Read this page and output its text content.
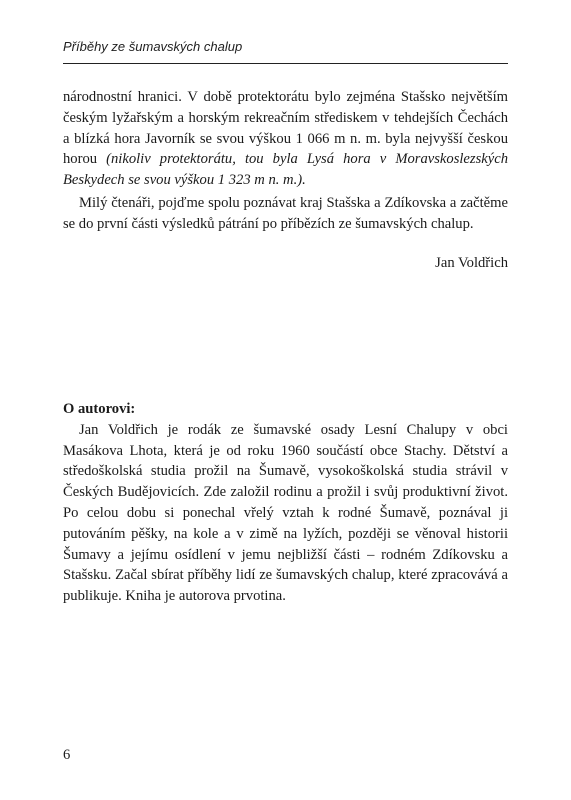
Příběhy ze šumavských chalup
národnostní hranici. V době protektorátu bylo zejména Stašsko největším českým lyžařským a horským rekreačním střediskem v tehdejších Čechách a blízká hora Javorník se svou výškou 1 066 m n. m. byla nejvyšší českou horou (nikoliv protektorátu, tou byla Lysá hora v Moravskoslezských Beskydech se svou výškou 1 323 m n. m.).
Milý čtenáři, pojďme spolu poznávat kraj Stašska a Zdíkovska a začtěme se do první části výsledků pátrání po příbězích ze šumavských chalup.
Jan Voldřich
O autorovi:
Jan Voldřich je rodák ze šumavské osady Lesní Chalupy v obci Masákova Lhota, která je od roku 1960 součástí obce Stachy. Dětství a středoškolská studia prožil na Šumavě, vysokoškolská studia strávil v Českých Budějovicích. Zde založil rodinu a prožil i svůj produktivní život. Po celou dobu si ponechal vřelý vztah k rodné Šumavě, poznával ji putováním pěšky, na kole a v zimě na lyžích, později se věnoval historii Šumavy a jejímu osídlení v jemu nejbližší části – rodném Zdíkovsku a Stašsku. Začal sbírat příběhy lidí ze šumavských chalup, které zpracovává a publikuje. Kniha je autorova prvotina.
6
